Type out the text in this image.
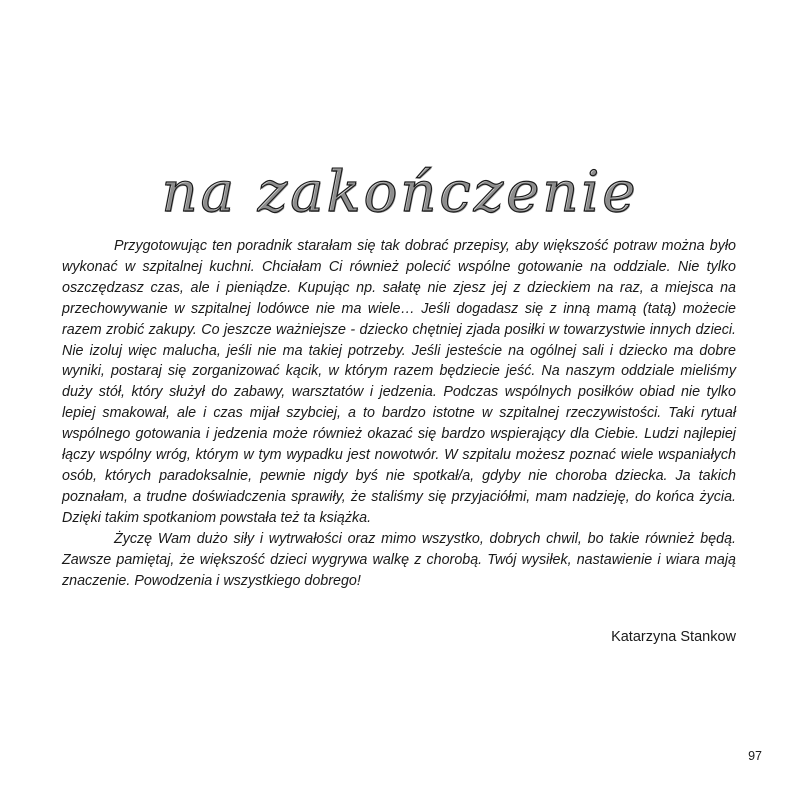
na zakończenie

Przygotowując ten poradnik starałam się tak dobrać przepisy, aby większość potraw można było wykonać w szpitalnej kuchni. Chciałam Ci również polecić wspólne gotowanie na oddziale. Nie tylko oszczędzasz czas, ale i pieniądze. Kupując np. sałatę nie zjesz jej z dzieckiem na raz, a miejsca na przechowywanie w szpitalnej lodówce nie ma wiele… Jeśli dogadasz się z inną mamą (tatą) możecie razem zrobić zakupy. Co jeszcze ważniejsze - dziecko chętniej zjada posiłki w towarzystwie innych dzieci. Nie izoluj więc malucha, jeśli nie ma takiej potrzeby. Jeśli jesteście na ogólnej sali i dziecko ma dobre wyniki, postaraj się zorganizować kącik, w którym razem będziecie jeść. Na naszym oddziale mieliśmy duży stół, który służył do zabawy, warsztatów i jedzenia. Podczas wspólnych posiłków obiad nie tylko lepiej smakował, ale i czas mijał szybciej, a to bardzo istotne w szpitalnej rzeczywistości. Taki rytuał wspólnego gotowania i jedzenia może również okazać się bardzo wspierający dla Ciebie. Ludzi najlepiej łączy wspólny wróg, którym w tym wypadku jest nowotwór. W szpitalu możesz poznać wiele wspaniałych osób, których paradoksalnie, pewnie nigdy byś nie spotkał/a, gdyby nie choroba dziecka. Ja takich poznałam, a trudne doświadczenia sprawiły, że staliśmy się przyjaciółmi, mam nadzieję, do końca życia. Dzięki takim spotkaniom powstała też ta książka.

Życzę Wam dużo siły i wytrwałości oraz mimo wszystko, dobrych chwil, bo takie również będą. Zawsze pamiętaj, że większość dzieci wygrywa walkę z chorobą. Twój wysiłek, nastawienie i wiara mają znaczenie. Powodzenia i wszystkiego dobrego!

Katarzyna Stankow
97
